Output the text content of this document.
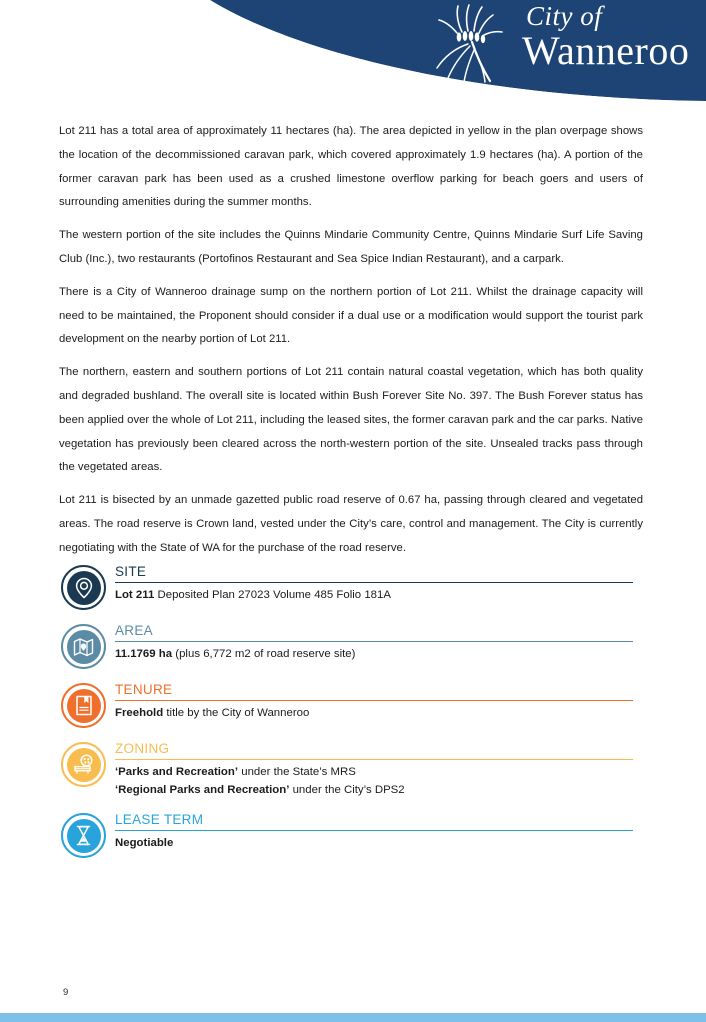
City of
Wanneroo

Lot 211 has a total area of approximately 11 hectares (ha). The area depicted in yellow in the plan overpage shows the location of the decommissioned caravan park, which covered approximately 1.9 hectares (ha). A portion of the former caravan park has been used as a crushed limestone overflow parking for beach goers and users of surrounding amenities during the summer months.

The western portion of the site includes the Quinns Mindarie Community Centre, Quinns Mindarie Surf Life Saving Club (Inc.), two restaurants (Portofinos Restaurant and Sea Spice Indian Restaurant), and a carpark.

There is a City of Wanneroo drainage sump on the northern portion of Lot 211. Whilst the drainage capacity will need to be maintained, the Proponent should consider if a dual use or a modification would support the tourist park development on the nearby portion of Lot 211.

The northern, eastern and southern portions of Lot 211 contain natural coastal vegetation, which has both quality and degraded bushland. The overall site is located within Bush Forever Site No. 397. The Bush Forever status has been applied over the whole of Lot 211, including the leased sites, the former caravan park and the car parks. Native vegetation has previously been cleared across the north-western portion of the site. Unsealed tracks pass through the vegetated areas.

Lot 211 is bisected by an unmade gazetted public road reserve of 0.67 ha, passing through cleared and vegetated areas. The road reserve is Crown land, vested under the City’s care, control and management. The City is currently negotiating with the State of WA for the purchase of the road reserve.

SITE
Lot 211 Deposited Plan 27023 Volume 485 Folio 181A
AREA
11.1769 ha (plus 6,772 m2 of road reserve site)
TENURE
Freehold title by the City of Wanneroo
ZONING
‘Parks and Recreation’ under the State’s MRS
‘Regional Parks and Recreation’ under the City’s DPS2
LEASE TERM
Negotiable
9
